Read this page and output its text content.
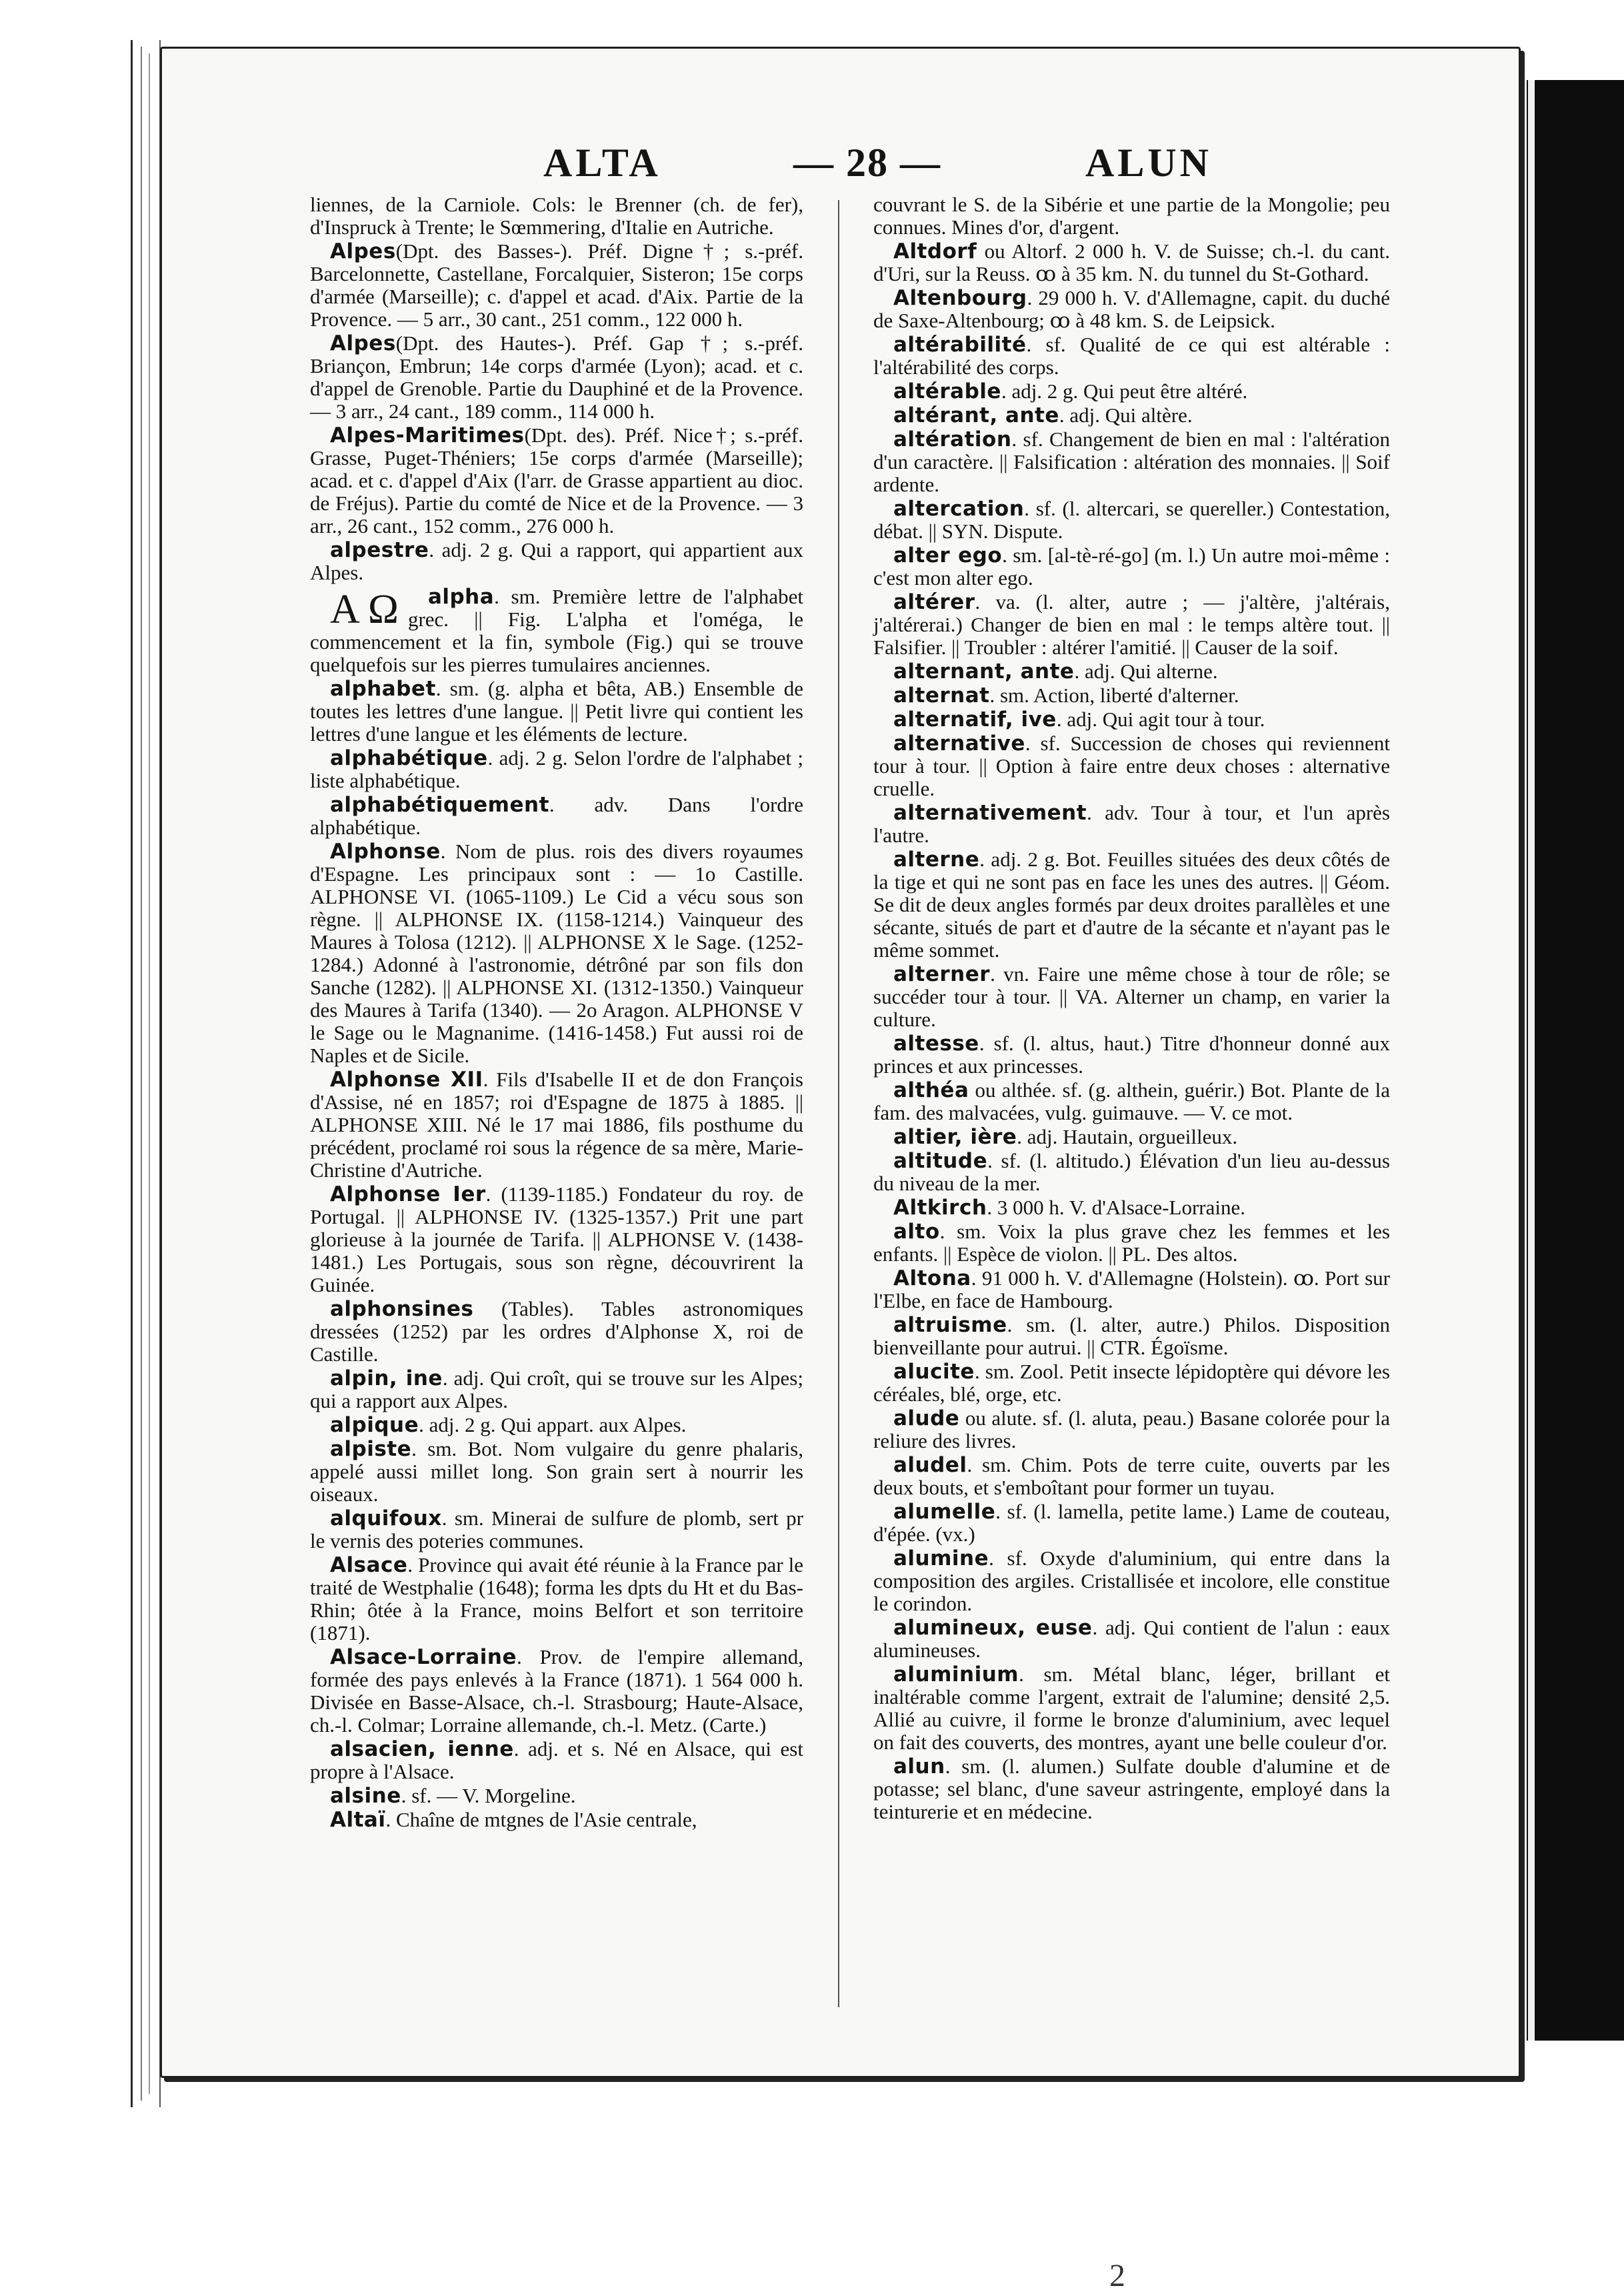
ALTA	— 28 —	ALUN

liennes, de la Carniole. Cols: le Brenner (ch. de fer), d'Inspruck à Trente; le Sœmmering, d'Italie en Autriche.

Alpes(Dpt. des Basses-). Préf. Digne†; s.-préf. Barcelonnette, Castellane, Forcalquier, Sisteron; 15e corps d'armée (Marseille); c. d'appel et acad. d'Aix. Partie de la Provence. — 5 arr., 30 cant., 251 comm., 122 000 h.

Alpes(Dpt. des Hautes-). Préf. Gap †; s.-préf. Briançon, Embrun; 14e corps d'armée (Lyon); acad. et c. d'appel de Grenoble. Partie du Dauphiné et de la Provence. — 3 arr., 24 cant., 189 comm., 114 000 h.

Alpes-Maritimes(Dpt. des). Préf. Nice†; s.-préf. Grasse, Puget-Théniers; 15e corps d'armée (Marseille); acad. et c. d'appel d'Aix (l'arr. de Grasse appartient au dioc. de Fréjus). Partie du comté de Nice et de la Provence. — 3 arr., 26 cant., 152 comm., 276 000 h.

alpestre. adj. 2 g. Qui a rapport, qui appartient aux Alpes.

A Ω alpha. sm. Première lettre de l'alphabet grec. || Fig. L'alpha et l'oméga, le commencement et la fin, symbole (Fig.) qui se trouve quelquefois sur les pierres tumulaires anciennes.

alphabet. sm. (g. alpha et bêta, AB.) Ensemble de toutes les lettres d'une langue. || Petit livre qui contient les lettres d'une langue et les éléments de lecture.

alphabétique. adj. 2 g. Selon l'ordre de l'alphabet ; liste alphabétique.

alphabétiquement. adv. Dans l'ordre alphabétique.

Alphonse. Nom de plus. rois des divers royaumes d'Espagne. Les principaux sont : — 1o Castille. ALPHONSE VI. (1065-1109.) Le Cid a vécu sous son règne. || ALPHONSE IX. (1158-1214.) Vainqueur des Maures à Tolosa (1212). || ALPHONSE X le Sage. (1252-1284.) Adonné à l'astronomie, détrôné par son fils don Sanche (1282). || ALPHONSE XI. (1312-1350.) Vainqueur des Maures à Tarifa (1340). — 2o Aragon. ALPHONSE V le Sage ou le Magnanime. (1416-1458.) Fut aussi roi de Naples et de Sicile.

Alphonse XII. Fils d'Isabelle II et de don François d'Assise, né en 1857; roi d'Espagne de 1875 à 1885. || ALPHONSE XIII. Né le 17 mai 1886, fils posthume du précédent, proclamé roi sous la régence de sa mère, Marie-Christine d'Autriche.

Alphonse Ier. (1139-1185.) Fondateur du roy. de Portugal. || ALPHONSE IV. (1325-1357.) Prit une part glorieuse à la journée de Tarifa. || ALPHONSE V. (1438-1481.) Les Portugais, sous son règne, découvrirent la Guinée.

alphonsines (Tables). Tables astronomiques dressées (1252) par les ordres d'Alphonse X, roi de Castille.

alpin, ine. adj. Qui croît, qui se trouve sur les Alpes; qui a rapport aux Alpes.

alpique. adj. 2 g. Qui appart. aux Alpes.

alpiste. sm. Bot. Nom vulgaire du genre phalaris, appelé aussi millet long. Son grain sert à nourrir les oiseaux.

alquifoux. sm. Minerai de sulfure de plomb, sert pr le vernis des poteries communes.

Alsace. Province qui avait été réunie à la France par le traité de Westphalie (1648); forma les dpts du Ht et du Bas-Rhin; ôtée à la France, moins Belfort et son territoire (1871).

Alsace-Lorraine. Prov. de l'empire allemand, formée des pays enlevés à la France (1871). 1 564 000 h. Divisée en Basse-Alsace, ch.-l. Strasbourg; Haute-Alsace, ch.-l. Colmar; Lorraine allemande, ch.-l. Metz. (Carte.)

alsacien, ienne. adj. et s. Né en Alsace, qui est propre à l'Alsace.

alsine. sf. — V. Morgeline.

Altaï. Chaîne de mtgnes de l'Asie centrale,

couvrant le S. de la Sibérie et une partie de la Mongolie; peu connues. Mines d'or, d'argent.

Altdorf ou Altorf. 2 000 h. V. de Suisse; ch.-l. du cant. d'Uri, sur la Reuss. ꝏ à 35 km. N. du tunnel du St-Gothard.

Altenbourg. 29 000 h. V. d'Allemagne, capit. du duché de Saxe-Altenbourg; ꝏ à 48 km. S. de Leipsick.

altérabilité. sf. Qualité de ce qui est altérable : l'altérabilité des corps.

altérable. adj. 2 g. Qui peut être altéré.

altérant, ante. adj. Qui altère.

altération. sf. Changement de bien en mal : l'altération d'un caractère. || Falsification : altération des monnaies. || Soif ardente.

altercation. sf. (l. altercari, se quereller.) Contestation, débat. || SYN. Dispute.

alter ego. sm. [al-tè-ré-go] (m. l.) Un autre moi-même : c'est mon alter ego.

altérer. va. (l. alter, autre ; — j'altère, j'altérais, j'altérerai.) Changer de bien en mal : le temps altère tout. || Falsifier. || Troubler : altérer l'amitié. || Causer de la soif.

alternant, ante. adj. Qui alterne.

alternat. sm. Action, liberté d'alterner.

alternatif, ive. adj. Qui agit tour à tour.

alternative. sf. Succession de choses qui reviennent tour à tour. || Option à faire entre deux choses : alternative cruelle.

alternativement. adv. Tour à tour, et l'un après l'autre.

alterne. adj. 2 g. Bot. Feuilles situées des deux côtés de la tige et qui ne sont pas en face les unes des autres. || Géom. Se dit de deux angles formés par deux droites parallèles et une sécante, situés de part et d'autre de la sécante et n'ayant pas le même sommet.

alterner. vn. Faire une même chose à tour de rôle; se succéder tour à tour. || VA. Alterner un champ, en varier la culture.

altesse. sf. (l. altus, haut.) Titre d'honneur donné aux princes et aux princesses.

althéa ou althée. sf. (g. althein, guérir.) Bot. Plante de la fam. des malvacées, vulg. guimauve. — V. ce mot.

altier, ière. adj. Hautain, orgueilleux.

altitude. sf. (l. altitudo.) Élévation d'un lieu au-dessus du niveau de la mer.

Altkirch. 3 000 h. V. d'Alsace-Lorraine.

alto. sm. Voix la plus grave chez les femmes et les enfants. || Espèce de violon. || PL. Des altos.

Altona. 91 000 h. V. d'Allemagne (Holstein). ꝏ. Port sur l'Elbe, en face de Hambourg.

altruisme. sm. (l. alter, autre.) Philos. Disposition bienveillante pour autrui. || CTR. Égoïsme.

alucite. sm. Zool. Petit insecte lépidoptère qui dévore les céréales, blé, orge, etc.

alude ou alute. sf. (l. aluta, peau.) Basane colorée pour la reliure des livres.

aludel. sm. Chim. Pots de terre cuite, ouverts par les deux bouts, et s'emboîtant pour former un tuyau.

alumelle. sf. (l. lamella, petite lame.) Lame de couteau, d'épée. (vx.)

alumine. sf. Oxyde d'aluminium, qui entre dans la composition des argiles. Cristallisée et incolore, elle constitue le corindon.

alumineux, euse. adj. Qui contient de l'alun : eaux alumineuses.

aluminium. sm. Métal blanc, léger, brillant et inaltérable comme l'argent, extrait de l'alumine; densité 2,5. Allié au cuivre, il forme le bronze d'aluminium, avec lequel on fait des couverts, des montres, ayant une belle couleur d'or.

alun. sm. (l. alumen.) Sulfate double d'alumine et de potasse; sel blanc, d'une saveur astringente, employé dans la teinturerie et en médecine.

2
